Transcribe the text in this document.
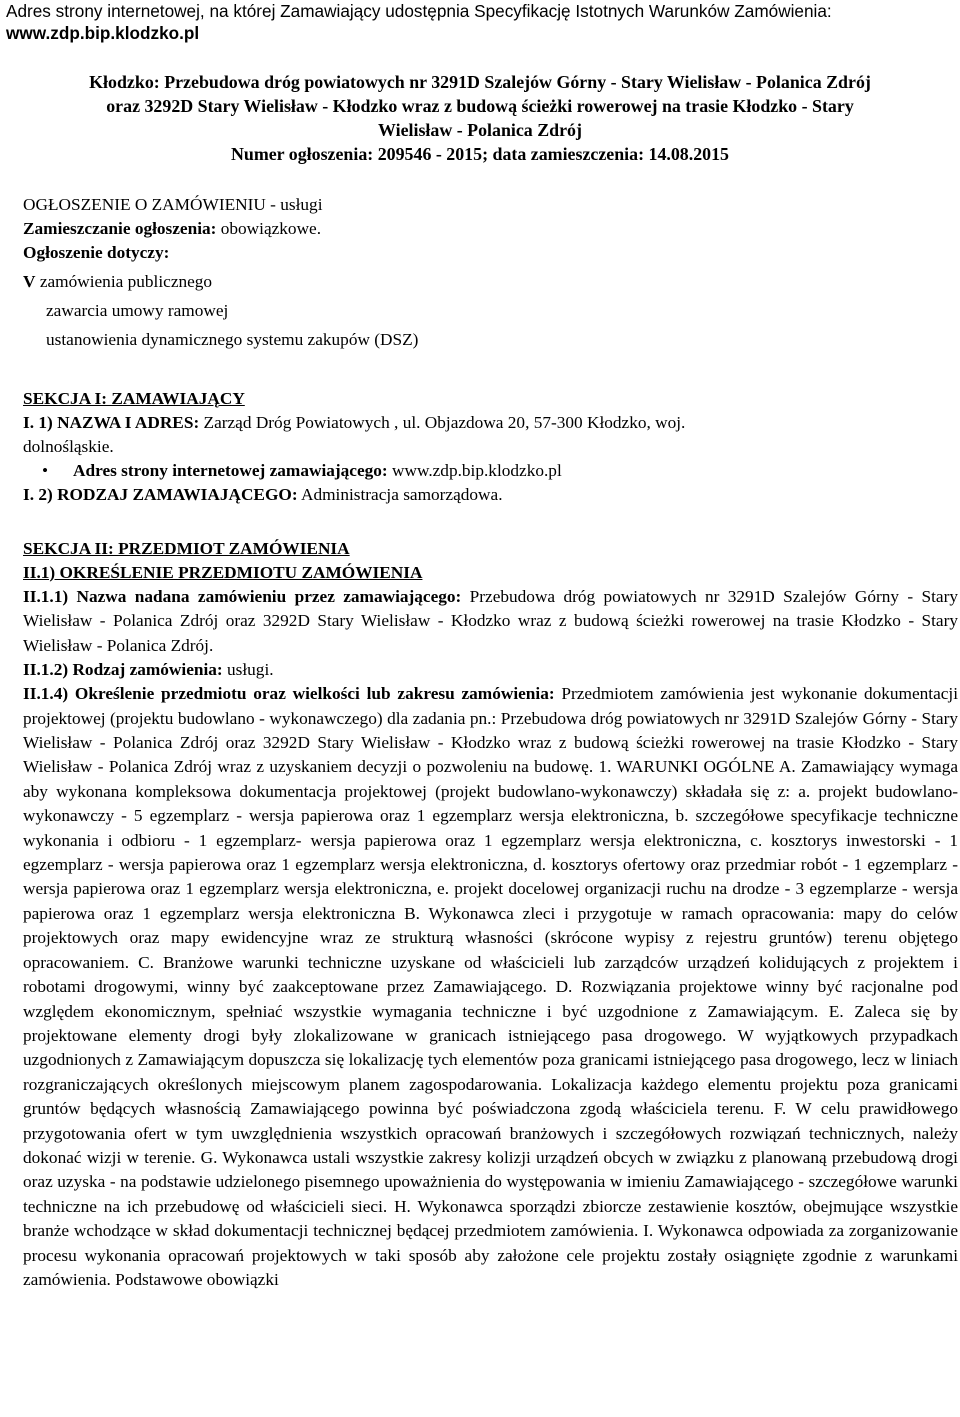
Adres strony internetowej, na której Zamawiający udostępnia Specyfikację Istotnych Warunków Zamówienia:
www.zdp.bip.klodzko.pl
Kłodzko: Przebudowa dróg powiatowych nr 3291D Szalejów Górny - Stary Wielisław - Polanica Zdrój
oraz 3292D Stary Wielisław - Kłodzko wraz z budową ścieżki rowerowej na trasie Kłodzko - Stary
Wielisław - Polanica Zdrój
Numer ogłoszenia: 209546 - 2015; data zamieszczenia: 14.08.2015
OGŁOSZENIE O ZAMÓWIENIU - usługi
Zamieszczanie ogłoszenia: obowiązkowe.
Ogłoszenie dotyczy:
V zamówienia publicznego
zawarcia umowy ramowej
ustanowienia dynamicznego systemu zakupów (DSZ)
SEKCJA I: ZAMAWIAJĄCY
I. 1) NAZWA I ADRES: Zarząd Dróg Powiatowych , ul. Objazdowa 20, 57-300 Kłodzko, woj.
dolnośląskie.
• Adres strony internetowej zamawiającego: www.zdp.bip.klodzko.pl
I. 2) RODZAJ ZAMAWIAJĄCEGO: Administracja samorządowa.
SEKCJA II: PRZEDMIOT ZAMÓWIENIA
II.1) OKREŚLENIE PRZEDMIOTU ZAMÓWIENIA
II.1.1) Nazwa nadana zamówieniu przez zamawiającego: Przebudowa dróg powiatowych nr 3291D Szalejów Górny - Stary Wielisław - Polanica Zdrój oraz 3292D Stary Wielisław - Kłodzko wraz z budową ścieżki rowerowej na trasie Kłodzko - Stary Wielisław - Polanica Zdrój.
II.1.2) Rodzaj zamówienia: usługi.
II.1.4) Określenie przedmiotu oraz wielkości lub zakresu zamówienia: Przedmiotem zamówienia jest wykonanie dokumentacji projektowej (projektu budowlano - wykonawczego) dla zadania pn.: Przebudowa dróg powiatowych nr 3291D Szalejów Górny - Stary Wielisław - Polanica Zdrój oraz 3292D Stary Wielisław - Kłodzko wraz z budową ścieżki rowerowej na trasie Kłodzko - Stary Wielisław - Polanica Zdrój wraz z uzyskaniem decyzji o pozwoleniu na budowę. 1. WARUNKI OGÓLNE A. Zamawiający wymaga aby wykonana kompleksowa dokumentacja projektowej (projekt budowlano-wykonawczy) składała się z: a. projekt budowlano-wykonawczy - 5 egzemplarz - wersja papierowa oraz 1 egzemplarz wersja elektroniczna, b. szczegółowe specyfikacje techniczne wykonania i odbioru - 1 egzemplarz- wersja papierowa oraz 1 egzemplarz wersja elektroniczna, c. kosztorys inwestorski - 1 egzemplarz - wersja papierowa oraz 1 egzemplarz wersja elektroniczna, d. kosztorys ofertowy oraz przedmiar robót - 1 egzemplarz - wersja papierowa oraz 1 egzemplarz wersja elektroniczna, e. projekt docelowej organizacji ruchu na drodze - 3 egzemplarze - wersja papierowa oraz 1 egzemplarz wersja elektroniczna B. Wykonawca zleci i przygotuje w ramach opracowania: mapy do celów projektowych oraz mapy ewidencyjne wraz ze strukturą własności (skrócone wypisy z rejestru gruntów) terenu objętego opracowaniem. C. Branżowe warunki techniczne uzyskane od właścicieli lub zarządców urządzeń kolidujących z projektem i robotami drogowymi, winny być zaakceptowane przez Zamawiającego. D. Rozwiązania projektowe winny być racjonalne pod względem ekonomicznym, spełniać wszystkie wymagania techniczne i być uzgodnione z Zamawiającym. E. Zaleca się by projektowane elementy drogi były zlokalizowane w granicach istniejącego pasa drogowego. W wyjątkowych przypadkach uzgodnionych z Zamawiającym dopuszcza się lokalizację tych elementów poza granicami istniejącego pasa drogowego, lecz w liniach rozgraniczających określonych miejscowym planem zagospodarowania. Lokalizacja każdego elementu projektu poza granicami gruntów będących własnością Zamawiającego powinna być poświadczona zgodą właściciela terenu. F. W celu prawidłowego przygotowania ofert w tym uwzględnienia wszystkich opracowań branżowych i szczegółowych rozwiązań technicznych, należy dokonać wizji w terenie. G. Wykonawca ustali wszystkie zakresy kolizji urządzeń obcych w związku z planowaną przebudową drogi oraz uzyska - na podstawie udzielonego pisemnego upoważnienia do występowania w imieniu Zamawiającego - szczegółowe warunki techniczne na ich przebudowę od właścicieli sieci. H. Wykonawca sporządzi zbiorcze zestawienie kosztów, obejmujące wszystkie branże wchodzące w skład dokumentacji technicznej będącej przedmiotem zamówienia. I. Wykonawca odpowiada za zorganizowanie procesu wykonania opracowań projektowych w taki sposób aby założone cele projektu zostały osiągnięte zgodnie z warunkami zamówienia. Podstawowe obowiązki
